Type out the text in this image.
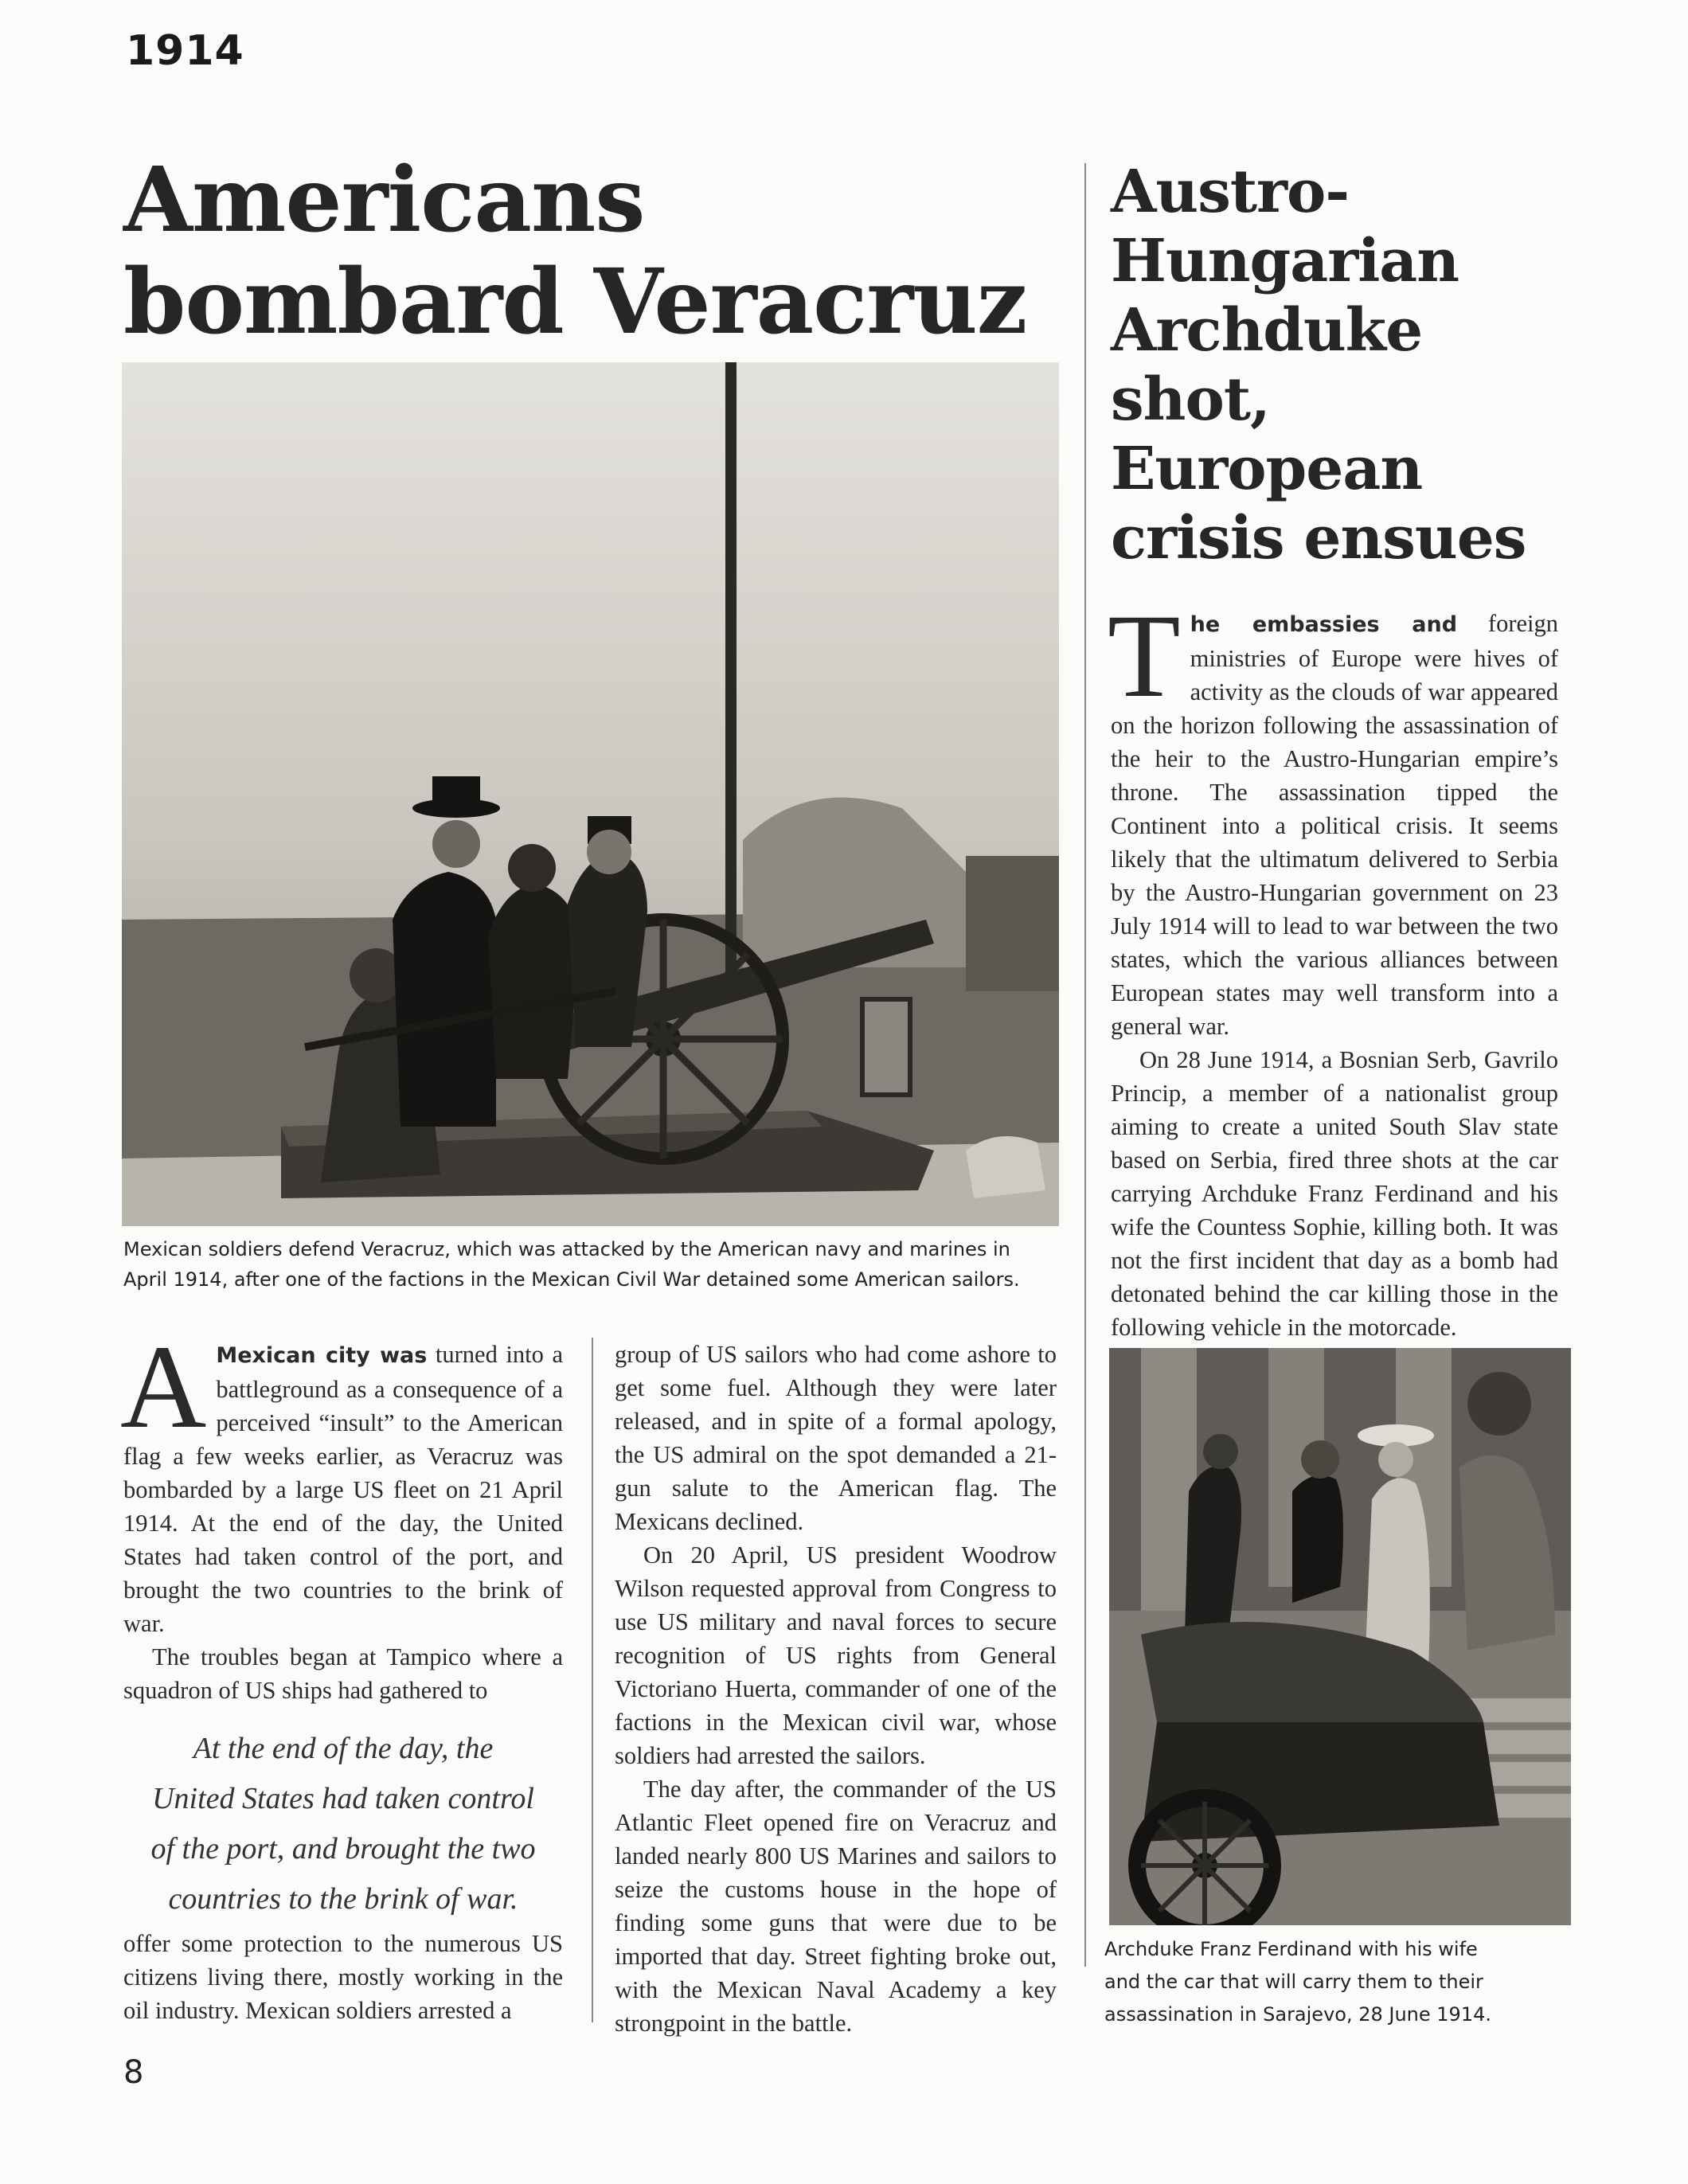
1914
Americans
bombard Veracruz
Mexican soldiers defend Veracruz, which was attacked by the American navy and marines in
April 1914, after one of the factions in the Mexican Civil War detained some American sailors.

A Mexican city was turned into a battleground as a consequence of a perceived “insult” to the American flag a few weeks earlier, as Veracruz was bombarded by a large US fleet on 21 April 1914. At the end of the day, the United States had taken control of the port, and brought the two countries to the brink of war.

The troubles began at Tampico where a squadron of US ships had gathered to

At the end of the day, the
United States had taken control
of the port, and brought the two
countries to the brink of war.

offer some protection to the numerous US citizens living there, mostly working in the oil industry. Mexican soldiers arrested a

group of US sailors who had come ashore to get some fuel. Although they were later released, and in spite of a formal apology, the US admiral on the spot demanded a 21-gun salute to the American flag. The Mexicans declined.

On 20 April, US president Woodrow Wilson requested approval from Congress to use US military and naval forces to secure recognition of US rights from General Victoriano Huerta, commander of one of the factions in the Mexican civil war, whose soldiers had arrested the sailors.

The day after, the commander of the US Atlantic Fleet opened fire on Veracruz and landed nearly 800 US Marines and sailors to seize the customs house in the hope of finding some guns that were due to be imported that day. Street fighting broke out, with the Mexican Naval Academy a key strongpoint in the battle.

Austro-
Hungarian
Archduke
shot,
European
crisis ensues

The embassies and foreign ministries of Europe were hives of activity as the clouds of war appeared on the horizon following the assassination of the heir to the Austro-Hungarian empire’s throne. The assassination tipped the Continent into a political crisis. It seems likely that the ultimatum delivered to Serbia by the Austro-Hungarian government on 23 July 1914 will to lead to war between the two states, which the various alliances between European states may well transform into a general war.

On 28 June 1914, a Bosnian Serb, Gavrilo Princip, a member of a nationalist group aiming to create a united South Slav state based on Serbia, fired three shots at the car carrying Archduke Franz Ferdinand and his wife the Countess Sophie, killing both. It was not the first incident that day as a bomb had detonated behind the car killing those in the following vehicle in the motorcade.

Archduke Franz Ferdinand with his wife
and the car that will carry them to their
assassination in Sarajevo, 28 June 1914.
8
